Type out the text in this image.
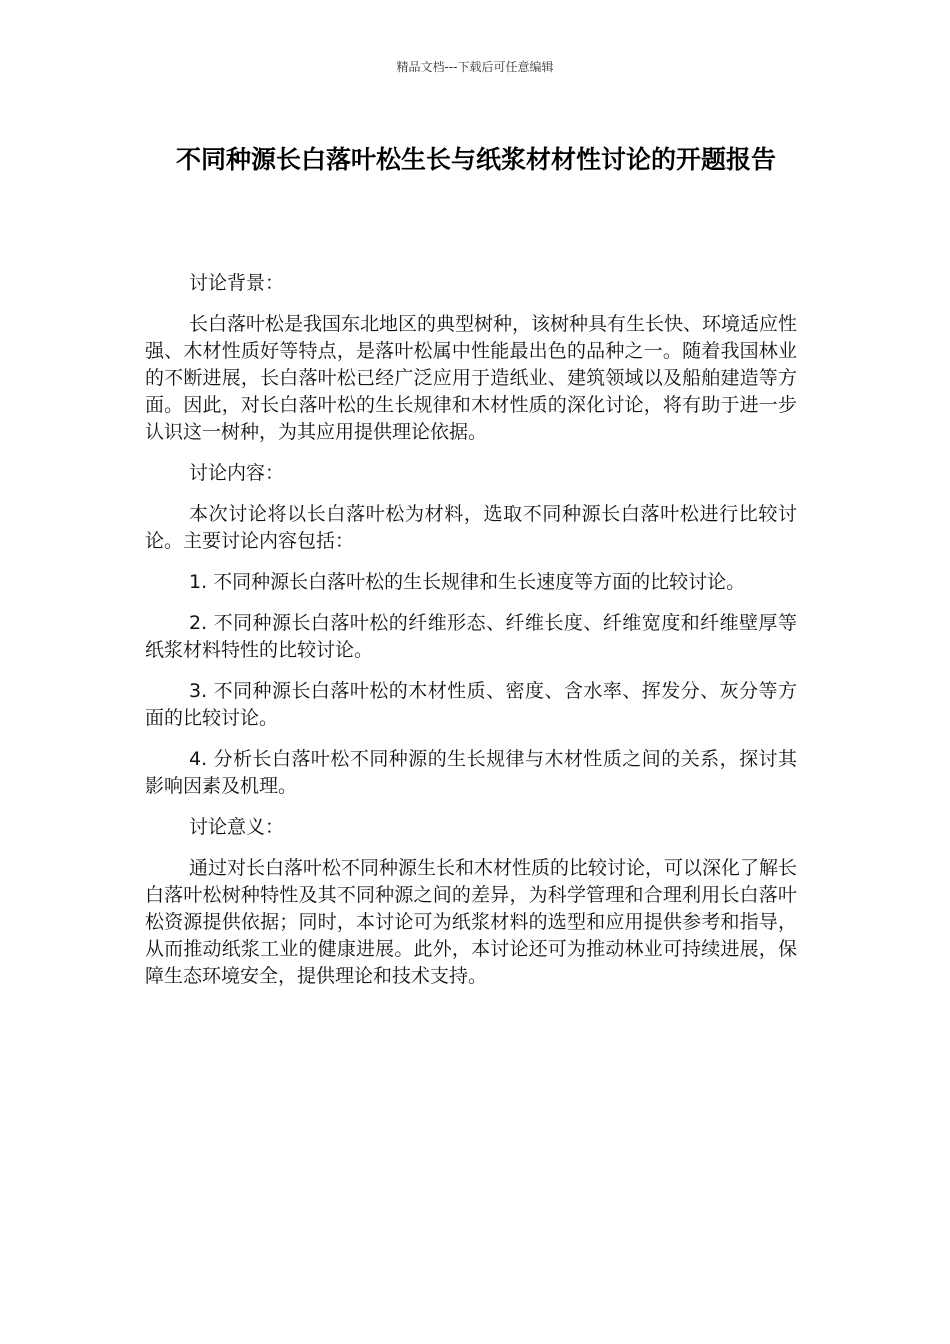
精品文档---下载后可任意编辑
不同种源长白落叶松生长与纸浆材材性讨论的开题报告

讨论背景：

长白落叶松是我国东北地区的典型树种，该树种具有生长快、环境适应性强、木材性质好等特点，是落叶松属中性能最出色的品种之一。随着我国林业的不断进展，长白落叶松已经广泛应用于造纸业、建筑领域以及船舶建造等方面。因此，对长白落叶松的生长规律和木材性质的深化讨论，将有助于进一步认识这一树种，为其应用提供理论依据。

讨论内容：

本次讨论将以长白落叶松为材料，选取不同种源长白落叶松进行比较讨论。主要讨论内容包括：

1. 不同种源长白落叶松的生长规律和生长速度等方面的比较讨论。

2. 不同种源长白落叶松的纤维形态、纤维长度、纤维宽度和纤维壁厚等纸浆材料特性的比较讨论。

3. 不同种源长白落叶松的木材性质、密度、含水率、挥发分、灰分等方面的比较讨论。

4. 分析长白落叶松不同种源的生长规律与木材性质之间的关系，探讨其影响因素及机理。

讨论意义：

通过对长白落叶松不同种源生长和木材性质的比较讨论，可以深化了解长白落叶松树种特性及其不同种源之间的差异，为科学管理和合理利用长白落叶松资源提供依据；同时，本讨论可为纸浆材料的选型和应用提供参考和指导，从而推动纸浆工业的健康进展。此外，本讨论还可为推动林业可持续进展，保障生态环境安全，提供理论和技术支持。
